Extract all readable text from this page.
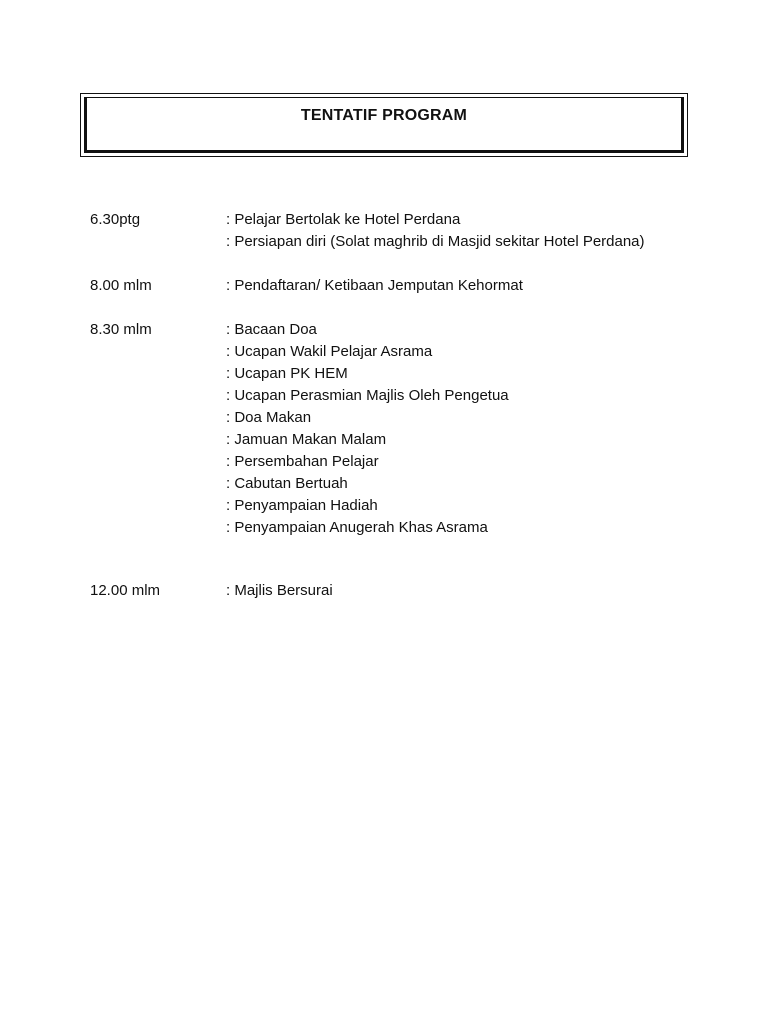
TENTATIF PROGRAM
6.30ptg	: Pelajar Bertolak ke Hotel Perdana
: Persiapan diri (Solat maghrib di Masjid sekitar Hotel Perdana)
8.00 mlm	: Pendaftaran/ Ketibaan Jemputan Kehormat
8.30 mlm	: Bacaan Doa
: Ucapan Wakil Pelajar Asrama
: Ucapan PK HEM
: Ucapan Perasmian Majlis Oleh Pengetua
: Doa Makan
: Jamuan Makan Malam
: Persembahan Pelajar
: Cabutan Bertuah
: Penyampaian Hadiah
: Penyampaian Anugerah Khas Asrama
12.00 mlm	: Majlis Bersurai
